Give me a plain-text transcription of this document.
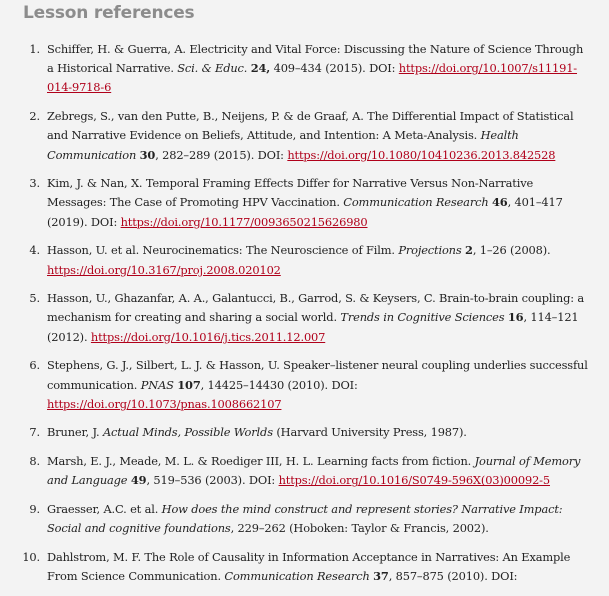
Lesson references
1. Schiffer, H. & Guerra, A. Electricity and Vital Force: Discussing the Nature of Science Through a Historical Narrative. Sci. & Educ. 24, 409–434 (2015). DOI: https://doi.org/10.1007/s11191-014-9718-6
2. Zebregs, S., van den Putte, B., Neijens, P. & de Graaf, A. The Differential Impact of Statistical and Narrative Evidence on Beliefs, Attitude, and Intention: A Meta-Analysis. Health Communication 30, 282–289 (2015). DOI: https://doi.org/10.1080/10410236.2013.842528
3. Kim, J. & Nan, X. Temporal Framing Effects Differ for Narrative Versus Non-Narrative Messages: The Case of Promoting HPV Vaccination. Communication Research 46, 401–417 (2019). DOI: https://doi.org/10.1177/0093650215626980
4. Hasson, U. et al. Neurocinematics: The Neuroscience of Film. Projections 2, 1–26 (2008). https://doi.org/10.3167/proj.2008.020102
5. Hasson, U., Ghazanfar, A. A., Galantucci, B., Garrod, S. & Keysers, C. Brain-to-brain coupling: a mechanism for creating and sharing a social world. Trends in Cognitive Sciences 16, 114–121 (2012). https://doi.org/10.1016/j.tics.2011.12.007
6. Stephens, G. J., Silbert, L. J. & Hasson, U. Speaker–listener neural coupling underlies successful communication. PNAS 107, 14425–14430 (2010). DOI: https://doi.org/10.1073/pnas.1008662107
7. Bruner, J. Actual Minds, Possible Worlds (Harvard University Press, 1987).
8. Marsh, E. J., Meade, M. L. & Roediger III, H. L. Learning facts from fiction. Journal of Memory and Language 49, 519–536 (2003). DOI: https://doi.org/10.1016/S0749-596X(03)00092-5
9. Graesser, A.C. et al. How does the mind construct and represent stories? Narrative Impact: Social and cognitive foundations, 229–262 (Hoboken: Taylor & Francis, 2002).
10. Dahlstrom, M. F. The Role of Causality in Information Acceptance in Narratives: An Example From Science Communication. Communication Research 37, 857–875 (2010). DOI:
